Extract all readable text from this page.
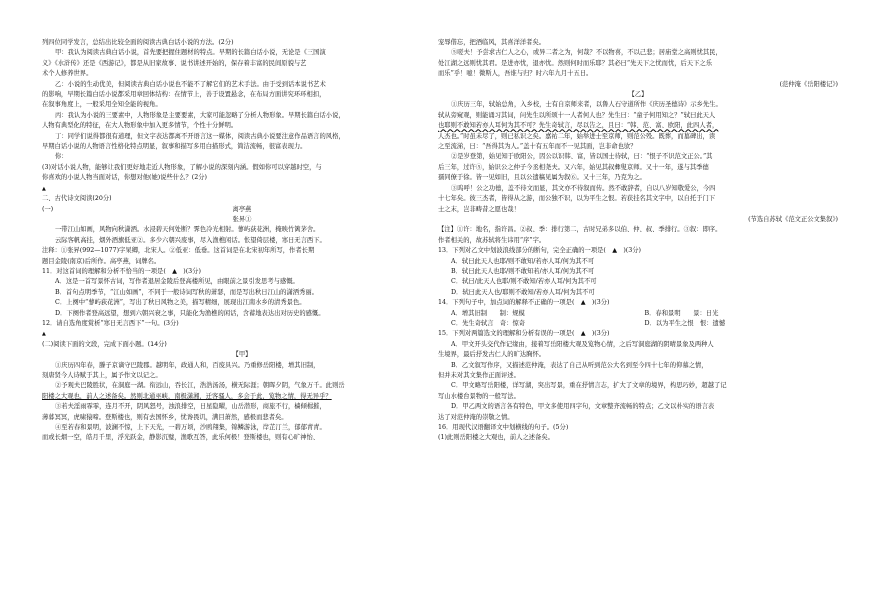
列四位同学发言，总结出比较全面的阅读古典白话小说的方法。(2分)
甲：我认为阅读古典白话小说，首先要把握住题材的特点。早期的长篇白话小说，无论是《三国演
义》《水浒传》还是《西游记》，都是从旧家故事、说书讲述开始的，保存着丰富的民间原貌与艺
术个人修养世界。
乙：小说的生动优美，但阅读古典白话小说也不能不了解它们的艺术手法。由于受到话本说书艺术
的影响，早期长篇白话小说都采用章回体结构：在情节上，善于设置悬念，在布局方面讲究环环相扣，
在叙事角度上，一般采用全知全能的视角。
丙：我认为小说的三要素中，人物形象是主要要素，大家可能忽略了分析人物形象。早期长篇白话小说，
人物有典型化的特征，在大人物形象中加入更多情节，个性十分鲜明。
丁：同学们说得都很有道理，但文字表达都离不开语言这一媒体，阅读古典小说要注意作品语言的风格，
早期白话小说的人物语言性格化特点明显，叙事和描写多用白描形式，简洁流畅，很富表现力。
你：
(3)对话小说人物，能够让我们更好地走近人物形象，了解小说的深刻内涵。假如你可以穿越时空，与
你喜欢的小说人物当面对话，你想对他(她)说些什么？(2分)
▲
二、古代诗文阅读(20分)
(一)	离亭燕
张昇①
一带江山如画，风物向秋潇洒。水浸碧天何处断？霁色冷光相射。蓼屿荻花洲，掩映竹篱茅舍。
云际客帆高挂，烟外酒旗低亚②。多少六朝兴废事，尽入渔樵闲话。怅望倚层楼，寒日无言西下。
注释：①张昇(992—1077)字杲卿，北宋人。②低亚：低垂。这首词是在北宋初年所写，作者长期
题目金陵(南京)后所作。高亭燕，词牌名。
11．对这首词的理解和分析不恰当的一项是(　▲　)(3分)
A．这是一首写景怀古词，写作者退居金陵后登高楼所见，由眼前之景引发思考与感慨。
B．首句点明季节，“江山如画”，不同于一般诗词写秋的萧瑟，而是写出秋日江山的潇洒秀丽。
C．上阕中“蓼屿荻花洲”，写出了秋日风物之美，描写精细，展现出江南水乡的清秀景色。
D．下阕作者登高远望，想到六朝兴衰之事，只能化为渔樵的闲话，含蓄地表达出对历史的感慨。
12．请自选角度赏析“寒日无言西下”一句。(3分)
▲
(二)阅读下面的文段，完成下面小题。(14分)
【甲】
①庆历四年春，滕子京谪守巴陵郡。越明年，政通人和，百废具兴。乃重修岳阳楼，增其旧制，
刻唐贤今人诗赋于其上，属予作文以记之。
②予观夫巴陵胜状，在洞庭一湖。衔远山，吞长江，浩浩汤汤，横无际涯；朝晖夕阴，气象万千。此则岳
阳楼之大观也，前人之述备矣。然则北通巫峡，南极潇湘，迁客骚人，多会于此，览物之情，得无异乎？
③若夫淫雨霏霏，连月不开，阴风怒号，浊浪排空，日星隐曜，山岳潜形，商旅不行，樯倾楫摧，
薄暮冥冥，虎啸猿啼。登斯楼也，则有去国怀乡，忧谗畏讥，满目萧然，感极而悲者矣。
④至若春和景明，波澜不惊，上下天光，一碧万顷，沙鸥翔集，锦鳞游泳，岸芷汀兰，郁郁青青。
而或长烟一空，皓月千里，浮光跃金，静影沉璧，渔歌互答，此乐何极！登斯楼也，则有心旷神怡、
宠辱偕忘，把酒临风，其喜洋洋者矣。
⑤嗟夫！予尝求古仁人之心，或异二者之为，何哉？不以物喜，不以己悲；居庙堂之高则忧其民，
处江湖之远则忧其君。是进亦忧，退亦忧。然则何时而乐耶？其必曰“先天下之忧而忧，后天下之乐
而乐”乎！噫！微斯人，吾谁与归？时六年九月十五日。
(范仲淹《岳阳楼记》)
【乙】
①庆历三年，轼始总角，入乡校，士有自京师来者，以鲁人石守道所作《庆历圣德诗》示乡先生。
轼从旁窥观，则能诵习其词，问先生以所颂十一人者何人也？先生曰：“童子何用知之？”轼曰此天人
也耶则不敢知若亦人耳何为其不可？先生奇轼言，尽以告之，且曰：“韩、范、富、欧阳，此四人者，
人杰也。”时虽未尽了，则已私识之矣。嘉祐二年，始举进士至京师，则范公殁。既葬，而墓碑出，读
之至流涕，曰：“吾得其为人。”盖十有五年而不一见其面，岂非命也欤？
②是岁登第，始见知于欧阳公，因公以识韩、富，皆以国士待轼，曰：“恨子不识范文正公。”其
后三年，过许⑤，始识公之仲子今丞相尧夫。又六年，始见其叔彝叟京师。又十一年，遂与其季德
孺同僚于徐。皆一见如旧，且以公遗稿见属为叙⑥。又十三年，乃克为之。
③呜呼！公之功德，盖不待文而显，其文亦不待叙而传。然不敢辞者，自以八岁知敬爱公，今四
十七年矣。彼三杰者，皆得从之游，而公独不识，以为平生之恨。若获挂名其文字中，以自托于门下
士之末，岂非畴昔之愿也哉！
(节选自苏轼《范文正公文集叙》)
【注】①许：地名，指许昌。②叔、季：排行第二，古时兄弟多以伯、仲、叔、季排行。③叙：即序。
作者相关的，故苏轼将生讳用“序”字。
13．下列对乙文中划波浪线部分的断句，完全正确的一项是(　▲　)(3分)
A．轼曰此天人也耶/则不敢知/若亦人耳/何为其不可
B．轼曰此天人也耶/则不敢知若/亦人耳/何为其不可
C．轼曰/此天人也耶/则不敢知/若亦人耳/何为其不可
D．轼曰此天人也/耶则不敢知/若亦人耳/何为其不可
14．下列句子中，加点词的解释不正确的一项是(　▲　)(3分)
A．增其旧制　　制：规模	B．春和景明　　景：日光
C．先生奇轼言　奇：惊奇	D．以为平生之恨　恨：遗憾
15．下列对两篇选文的理解和分析有误的一项是(　▲　)(3分)
A．甲文开头交代作记缘由，接着写岳阳楼大观及览物心情，之后写洞庭湖的阴晴景象及两种人
生境界，最后抒发古仁人的旷达胸怀。
B．乙文叙写作序，又描述范仲淹，表达了自己从听到范公大名到至今四十七年的仰慕之情，
但并未对其文集作正面评述。
C．甲文略写岳阳楼，详写湖，突出写景，重在抒情言志，扩大了文章的境界，构思巧妙，超越了记
写山水楼台景物的一般写法。
D．甲乙两文的语言各有特色，甲文多使用四字句，文章整齐流畅的特点；乙文以朴实的语言表
达了对范仲淹的崇敬之情。
16．用现代汉语翻译文中划横线的句子。(5分)
(1)此则岳阳楼之大观也，前人之述备矣。
